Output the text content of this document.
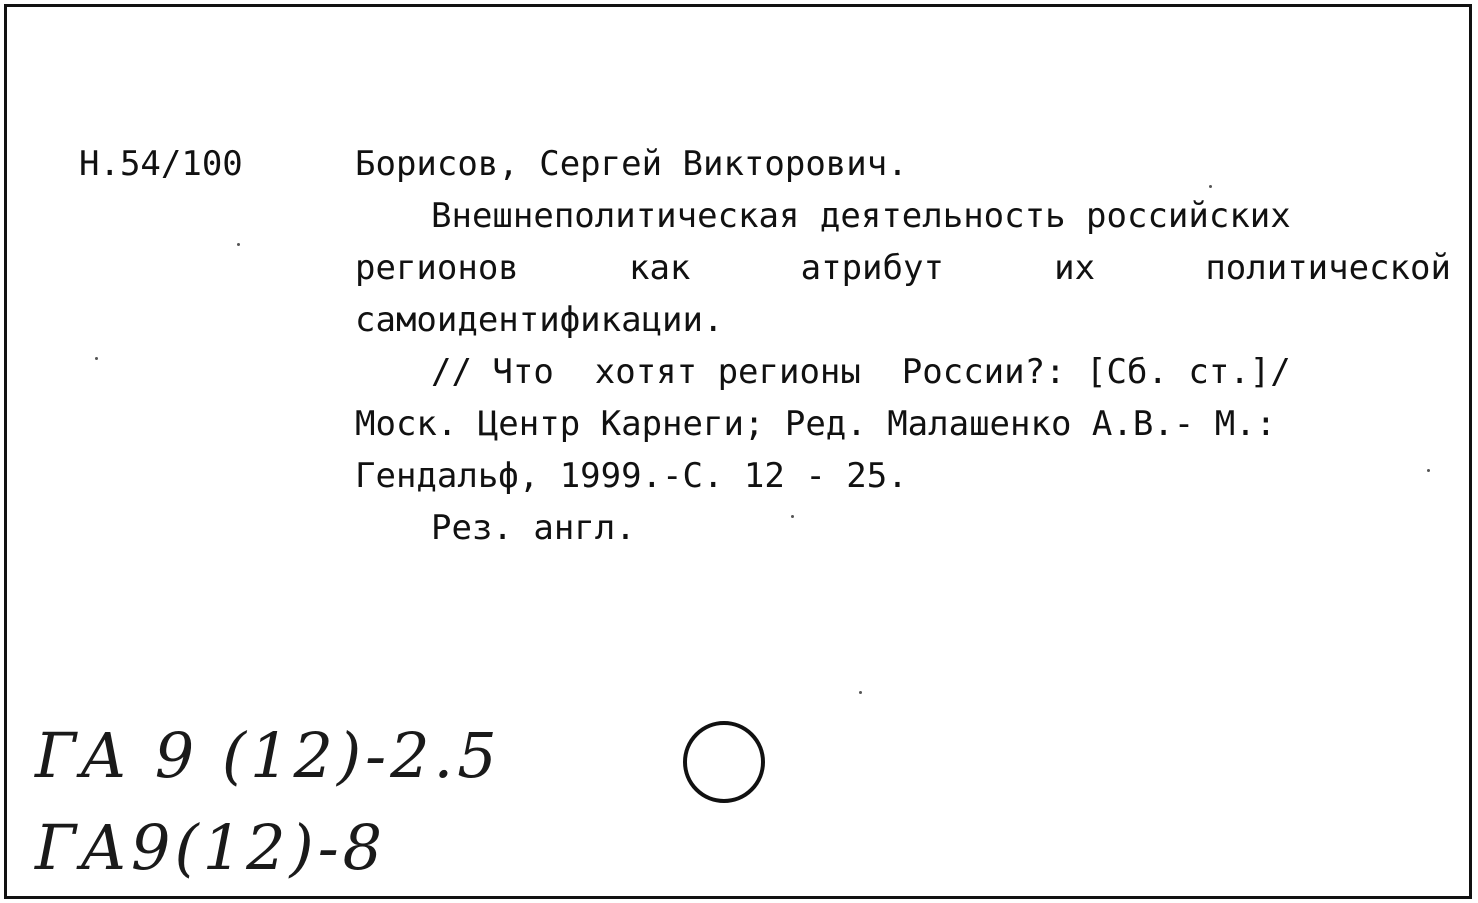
Н.54/100	Борисов, Сергей Викторович.
Внешнеполитическая деятельность российских
регионов	как	атрибут	их	политической
самоидентификации.
// Что  хотят регионы  России?: [Сб. ст.]/
Моск. Центр Карнеги; Ред. Малашенко А.В.- М.:
Гендальф, 1999.-С. 12 - 25.
Рез. англ.
ГА 9 (12)-2.5
ГА9(12)-8
